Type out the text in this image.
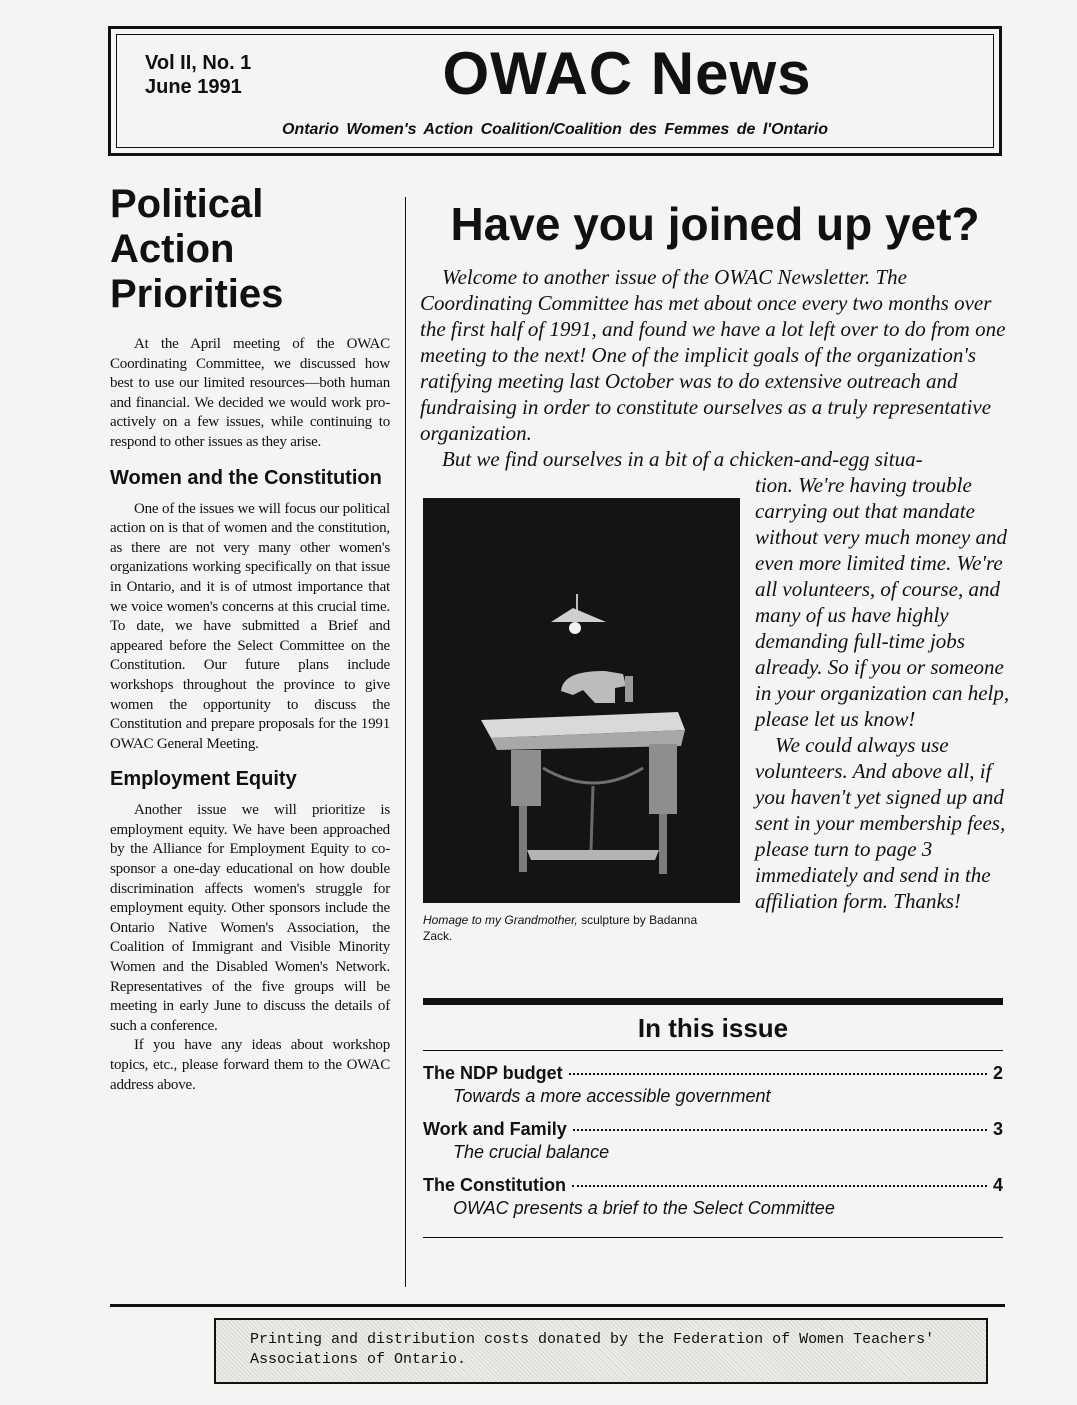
Vol II, No. 1
June 1991	OWAC News
Ontario Women's Action Coalition/Coalition des Femmes de l'Ontario
Political Action Priorities

At the April meeting of the OWAC Coordinating Committee, we discussed how best to use our limited resources—both human and financial. We decided we would work pro-actively on a few issues, while continuing to respond to other issues as they arise.

Women and the Constitution

One of the issues we will focus our political action on is that of women and the constitution, as there are not very many other women's organizations working specifically on that issue in Ontario, and it is of utmost importance that we voice women's concerns at this crucial time. To date, we have submitted a Brief and appeared before the Select Committee on the Constitution. Our future plans include workshops throughout the province to give women the opportunity to discuss the Constitution and prepare proposals for the 1991 OWAC General Meeting.

Employment Equity

Another issue we will prioritize is employment equity. We have been approached by the Alliance for Employment Equity to co-sponsor a one-day educational on how double discrimination affects women's struggle for employment equity. Other sponsors include the Ontario Native Women's Association, the Coalition of Immigrant and Visible Minority Women and the Disabled Women's Network. Representatives of the five groups will be meeting in early June to discuss the details of such a conference.

If you have any ideas about workshop topics, etc., please forward them to the OWAC address above.

Have you joined up yet?

Welcome to another issue of the OWAC Newsletter. The Coordinating Committee has met about once every two months over the first half of 1991, and found we have a lot left over to do from one meeting to the next! One of the implicit goals of the organization's ratifying meeting last October was to do extensive outreach and fundraising in order to constitute ourselves as a truly representative organization.

But we find ourselves in a bit of a chicken-and-egg situa-

Homage to my Grandmother, sculpture by Badanna Zack.

tion. We're having trouble carrying out that mandate without very much money and even more limited time. We're all volunteers, of course, and many of us have highly demanding full-time jobs already. So if you or someone in your organization can help, please let us know!

We could always use volunteers. And above all, if you haven't yet signed up and sent in your membership fees, please turn to page 3 immediately and send in the affiliation form. Thanks!

In this issue
The NDP budget	2
Towards a more accessible government
Work and Family	3
The crucial balance
The Constitution	4
OWAC presents a brief to the Select Committee
Printing and distribution costs donated by the Federation of Women Teachers' Associations of Ontario.
